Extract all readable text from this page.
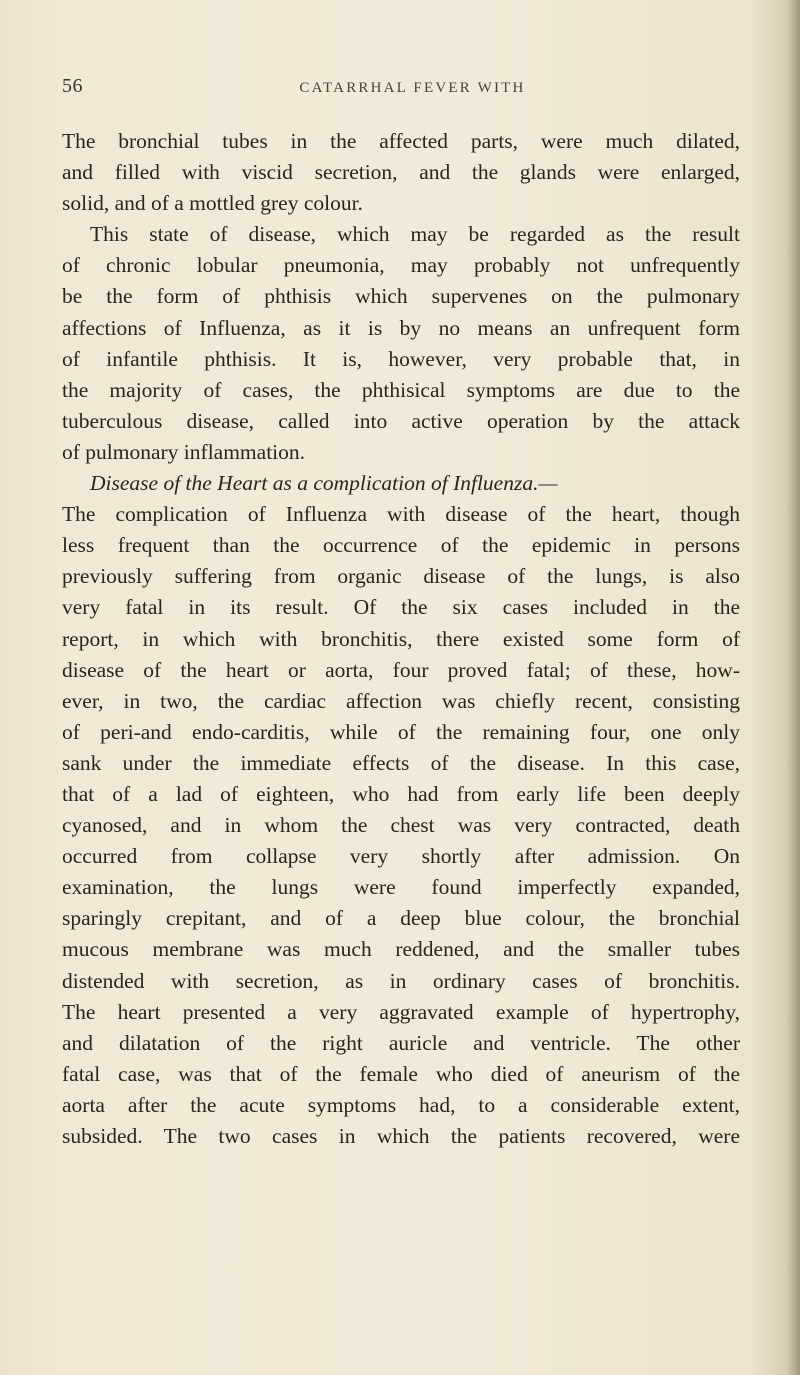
56	CATARRHAL FEVER WITH
The bronchial tubes in the affected parts, were much dilated,
and filled with viscid secretion, and the glands were enlarged,
solid, and of a mottled grey colour.
This state of disease, which may be regarded as the result
of chronic lobular pneumonia, may probably not unfrequently
be the form of phthisis which supervenes on the pulmonary
affections of Influenza, as it is by no means an unfrequent form
of infantile phthisis. It is, however, very probable that, in
the majority of cases, the phthisical symptoms are due to the
tuberculous disease, called into active operation by the attack
of pulmonary inflammation.
Disease of the Heart as a complication of Influenza.—
The complication of Influenza with disease of the heart, though
less frequent than the occurrence of the epidemic in persons
previously suffering from organic disease of the lungs, is also
very fatal in its result. Of the six cases included in the
report, in which with bronchitis, there existed some form of
disease of the heart or aorta, four proved fatal; of these, how-
ever, in two, the cardiac affection was chiefly recent, consisting
of peri-and endo-carditis, while of the remaining four, one only
sank under the immediate effects of the disease. In this case,
that of a lad of eighteen, who had from early life been deeply
cyanosed, and in whom the chest was very contracted, death
occurred from collapse very shortly after admission. On
examination, the lungs were found imperfectly expanded,
sparingly crepitant, and of a deep blue colour, the bronchial
mucous membrane was much reddened, and the smaller tubes
distended with secretion, as in ordinary cases of bronchitis.
The heart presented a very aggravated example of hypertrophy,
and dilatation of the right auricle and ventricle. The other
fatal case, was that of the female who died of aneurism of the
aorta after the acute symptoms had, to a considerable extent,
subsided. The two cases in which the patients recovered, were
